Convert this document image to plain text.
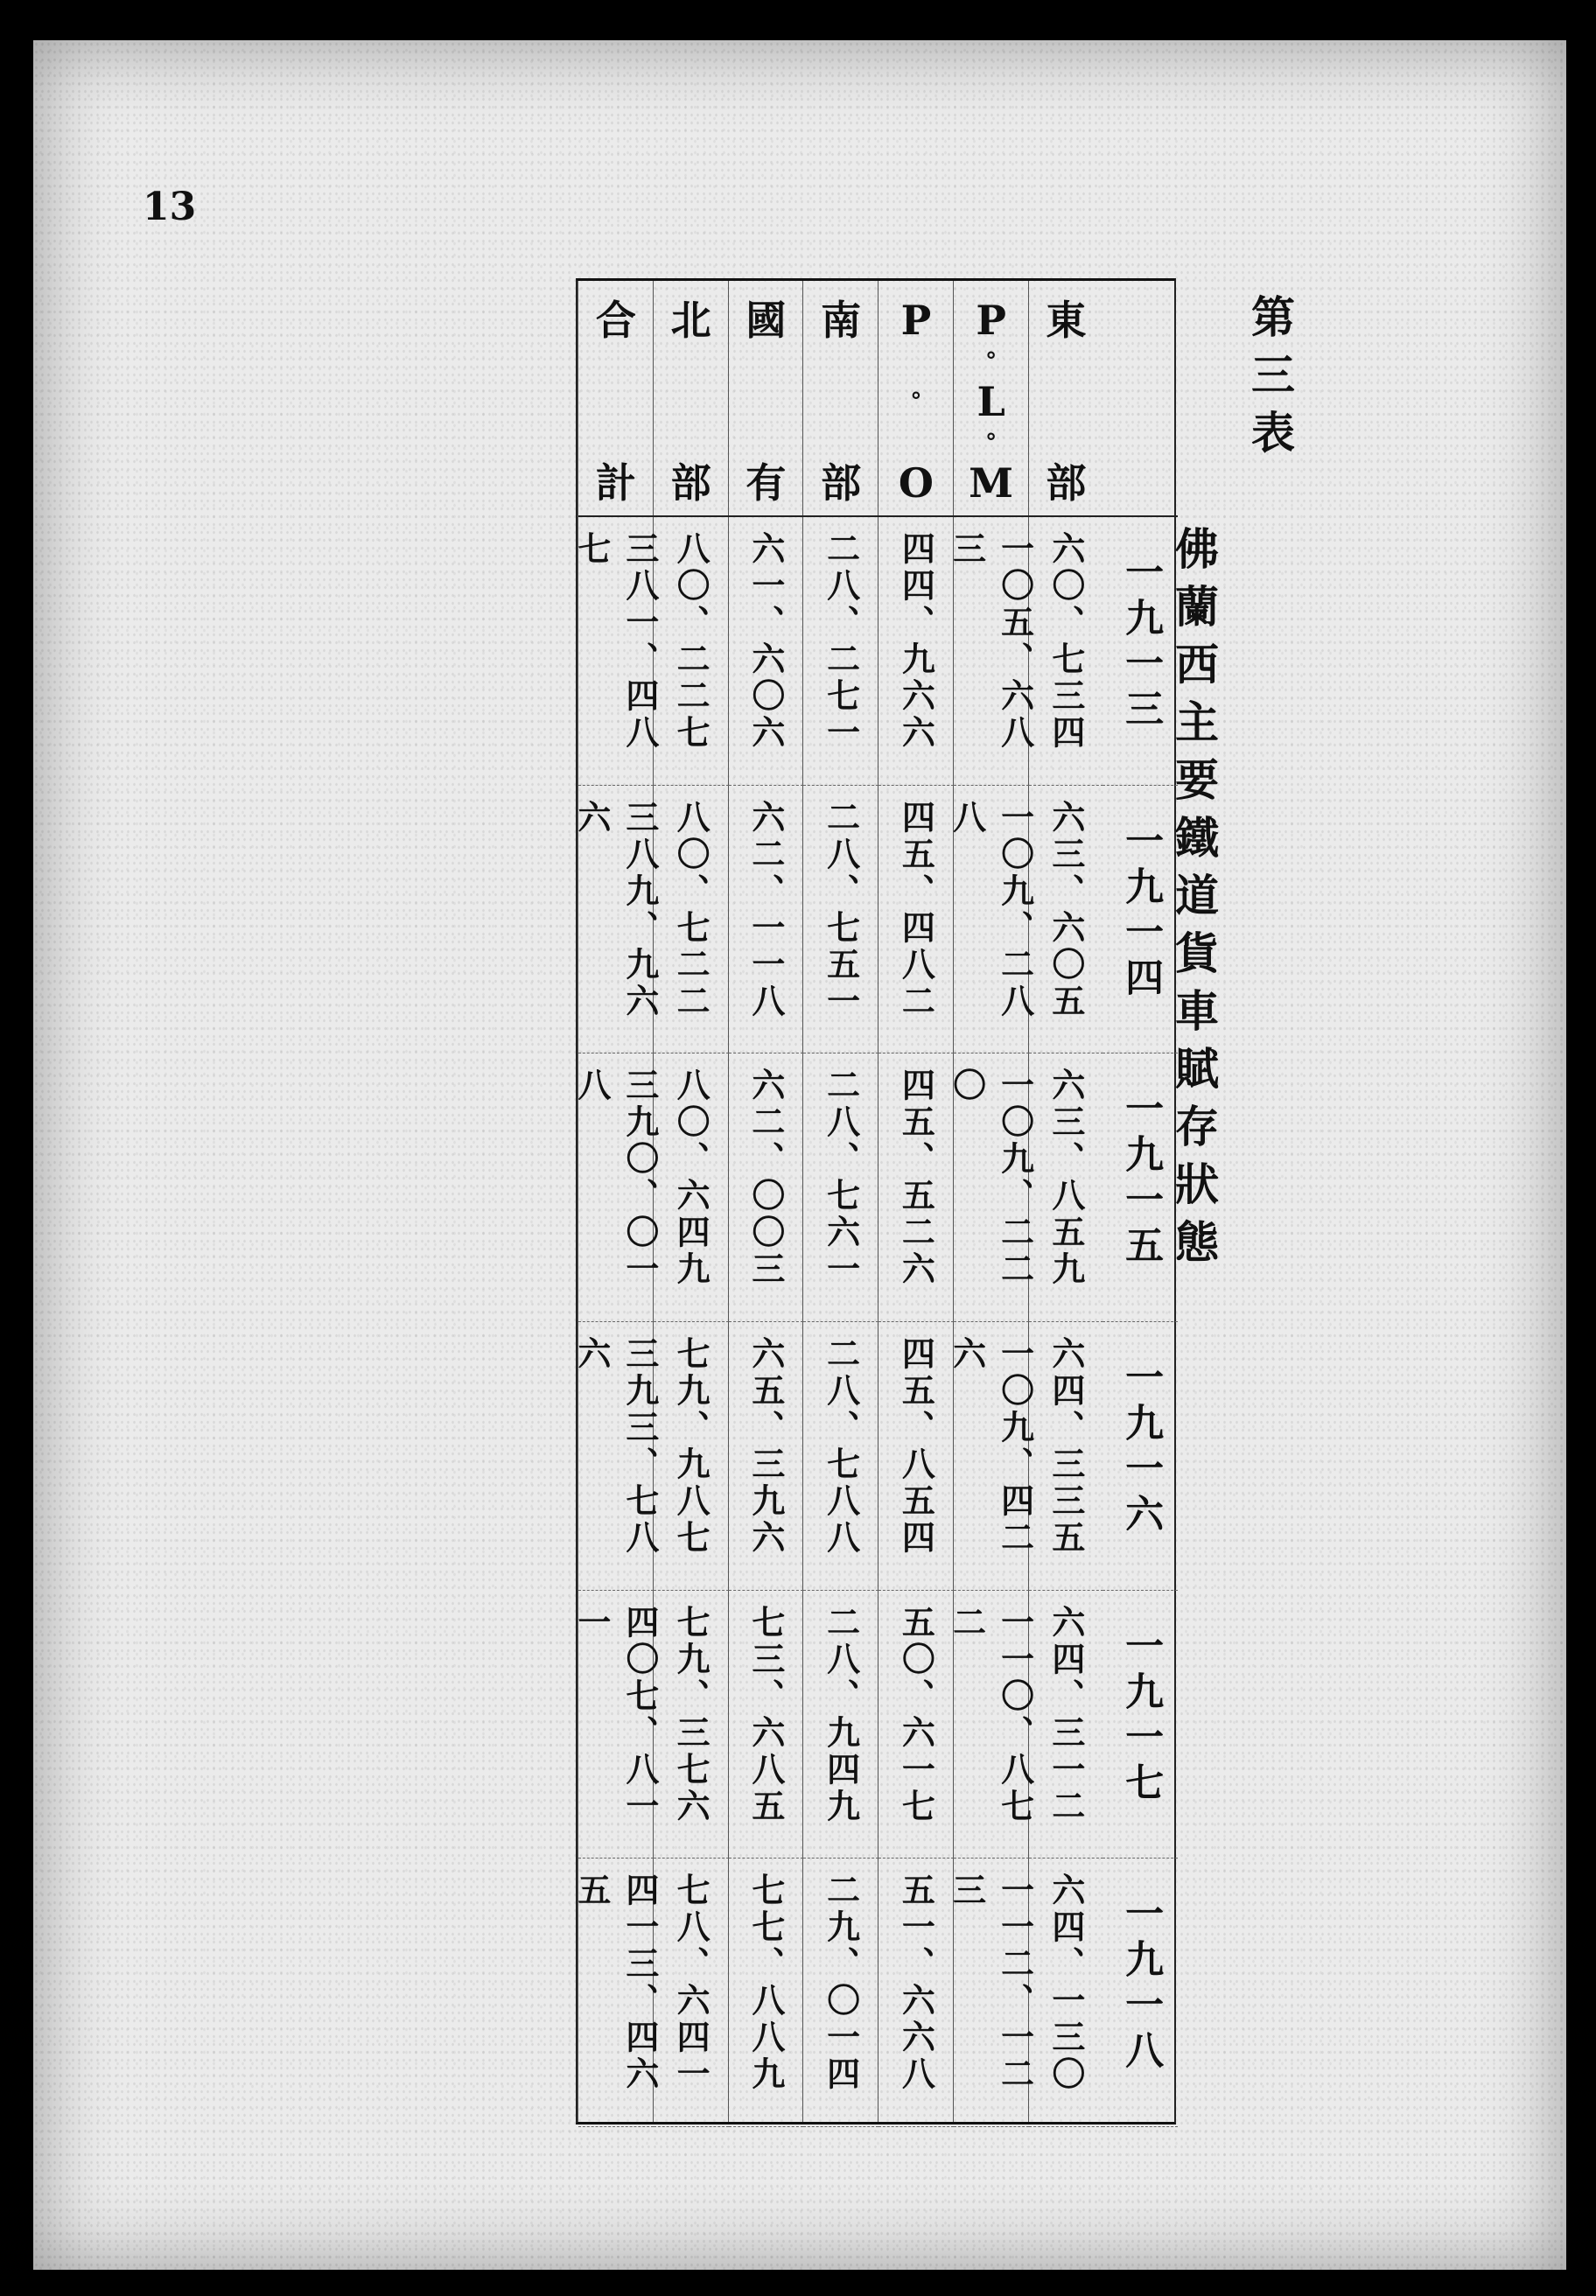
13
第三表
佛蘭西主要鐵道貨車賦存狀態
一九一三
一九一四
一九一五
一九一六
一九一七
一九一八
東
部
六〇、七三四
六三、六〇五
六三、八五九
六四、三三五
六四、三一二
六四、一三〇
P
°
L
°
M
一〇五、六八三
一〇九、二八八
一〇九、二二〇
一〇九、四二六
一一〇、八七二
一一二、一二三
P
°
O
四四、九六六
四五、四八二
四五、五二六
四五、八五四
五〇、六一七
五一、六六八
南
部
二八、二七一
二八、七五一
二八、七六一
二八、七八八
二八、九四九
二九、〇一四
國
有
六一、六〇六
六二、一一八
六二、〇〇三
六五、三九六
七三、六八五
七七、八八九
北
部
八〇、二二七
八〇、七二二
八〇、六四九
七九、九八七
七九、三七六
七八、六四一
合
計
三八一、四八七
三八九、九六六
三九〇、〇一八
三九三、七八六
四〇七、八一一
四一三、四六五
